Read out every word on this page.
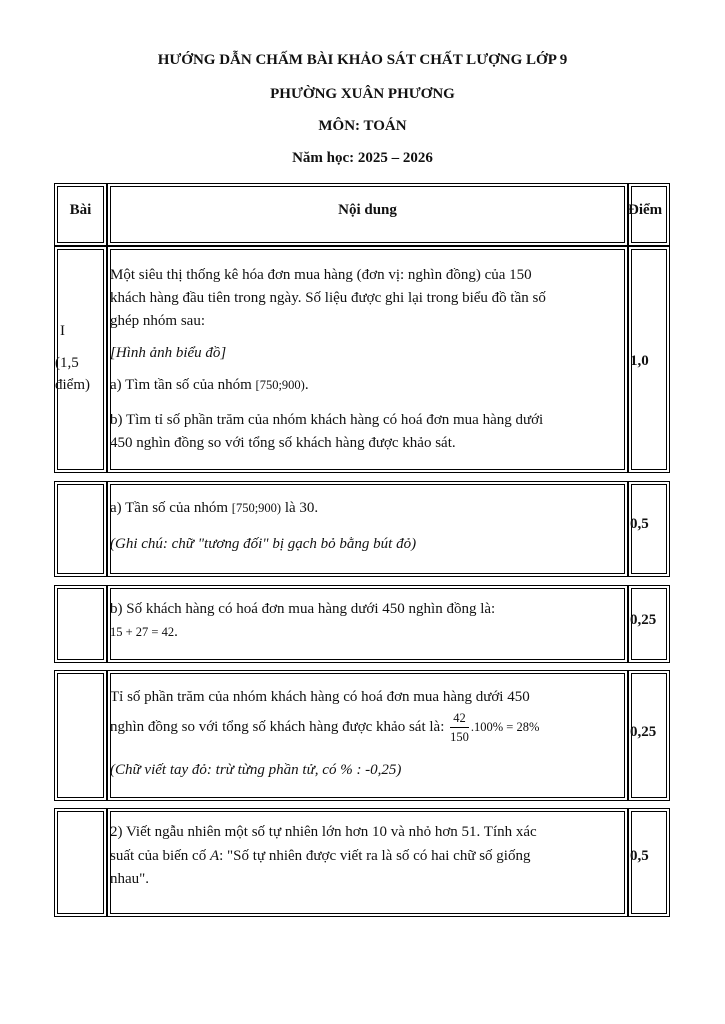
HƯỚNG DẪN CHẤM BÀI KHẢO SÁT CHẤT LƯỢNG LỚP 9
PHƯỜNG XUÂN PHƯƠNG
MÔN: TOÁN
Năm học: 2025 – 2026
Bài	Nội dung	Điểm
I
(1,5
điểm)
Một siêu thị thống kê hóa đơn mua hàng (đơn vị: nghìn đồng) của 150
khách hàng đầu tiên trong ngày. Số liệu được ghi lại trong biểu đồ tần số
ghép nhóm sau:
[Hình ảnh biểu đồ]
a) Tìm tần số của nhóm [750;900).
b) Tìm tỉ số phần trăm của nhóm khách hàng có hoá đơn mua hàng dưới
450 nghìn đồng so với tổng số khách hàng được khảo sát.
1,0
a) Tần số của nhóm [750;900) là 30.
(Ghi chú: chữ "tương đối" bị gạch bỏ bằng bút đỏ)
0,5
b) Số khách hàng có hoá đơn mua hàng dưới 450 nghìn đồng là:
15 + 27 = 42.
0,25
Tỉ số phần trăm của nhóm khách hàng có hoá đơn mua hàng dưới 450
nghìn đồng so với tổng số khách hàng được khảo sát là: $\frac{42}{150} .100\% = 28\%$
(Chữ viết tay đỏ: trừ từng phần tử, có % : -0,25)
0,25
2) Viết ngẫu nhiên một số tự nhiên lớn hơn 10 và nhỏ hơn 51. Tính xác
suất của biến cố A: "Số tự nhiên được viết ra là số có hai chữ số giống
nhau".
0,5
